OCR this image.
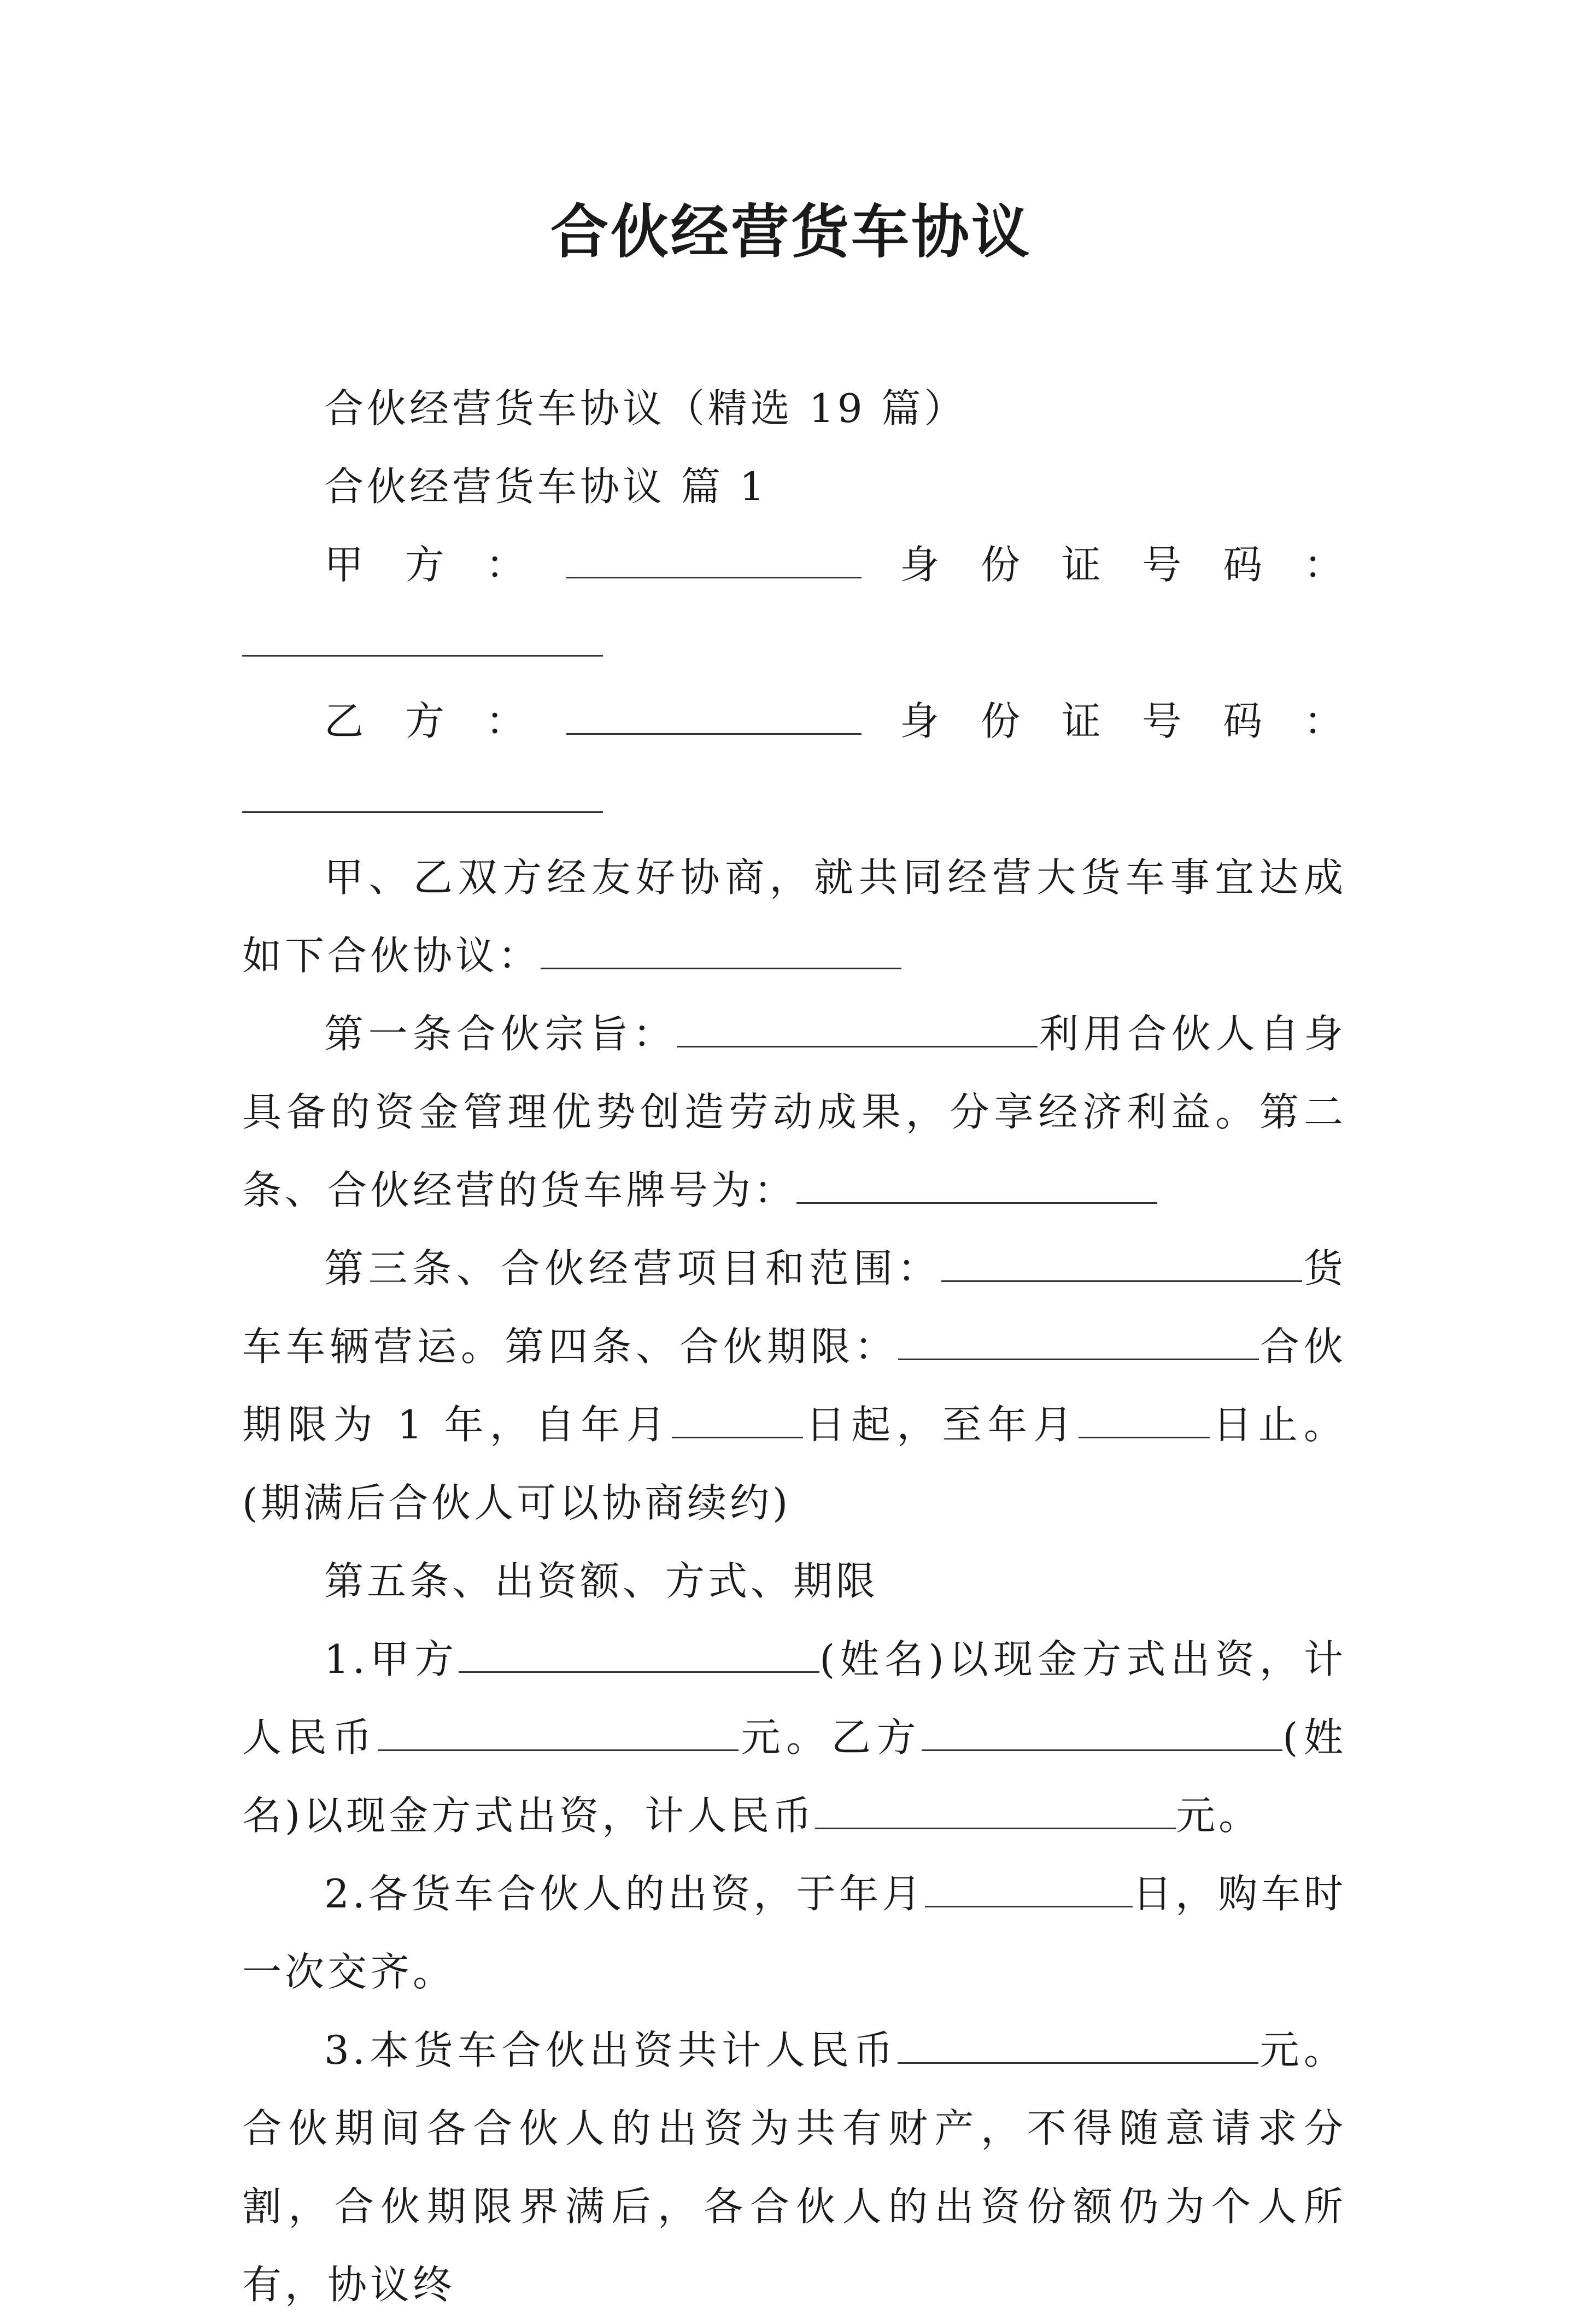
合伙经营货车协议

合伙经营货车协议（精选 19 篇）

合伙经营货车协议 篇 1

甲方：	身份证号码：

乙方：	身份证号码：

甲、乙双方经友好协商，就共同经营大货车事宜达成如下合伙协议：

第一条合伙宗旨：	利用合伙人自身具备的资金管理优势创造劳动成果，分享经济利益。第二条、合伙经营的货车牌号为：

第三条、合伙经营项目和范围：	货车车辆营运。第四条、合伙期限：	合伙期限为 1 年，自年月	日起，至年月	日止。(期满后合伙人可以协商续约)

第五条、出资额、方式、期限

1.甲方	(姓名)以现金方式出资，计人民币	元。乙方	(姓名)以现金方式出资，计人民币	元。

2.各货车合伙人的出资，于年月	日，购车时一次交齐。

3.本货车合伙出资共计人民币	元。合伙期间各合伙人的出资为共有财产，不得随意请求分割，合伙期限界满后，各合伙人的出资份额仍为个人所有，协议终
